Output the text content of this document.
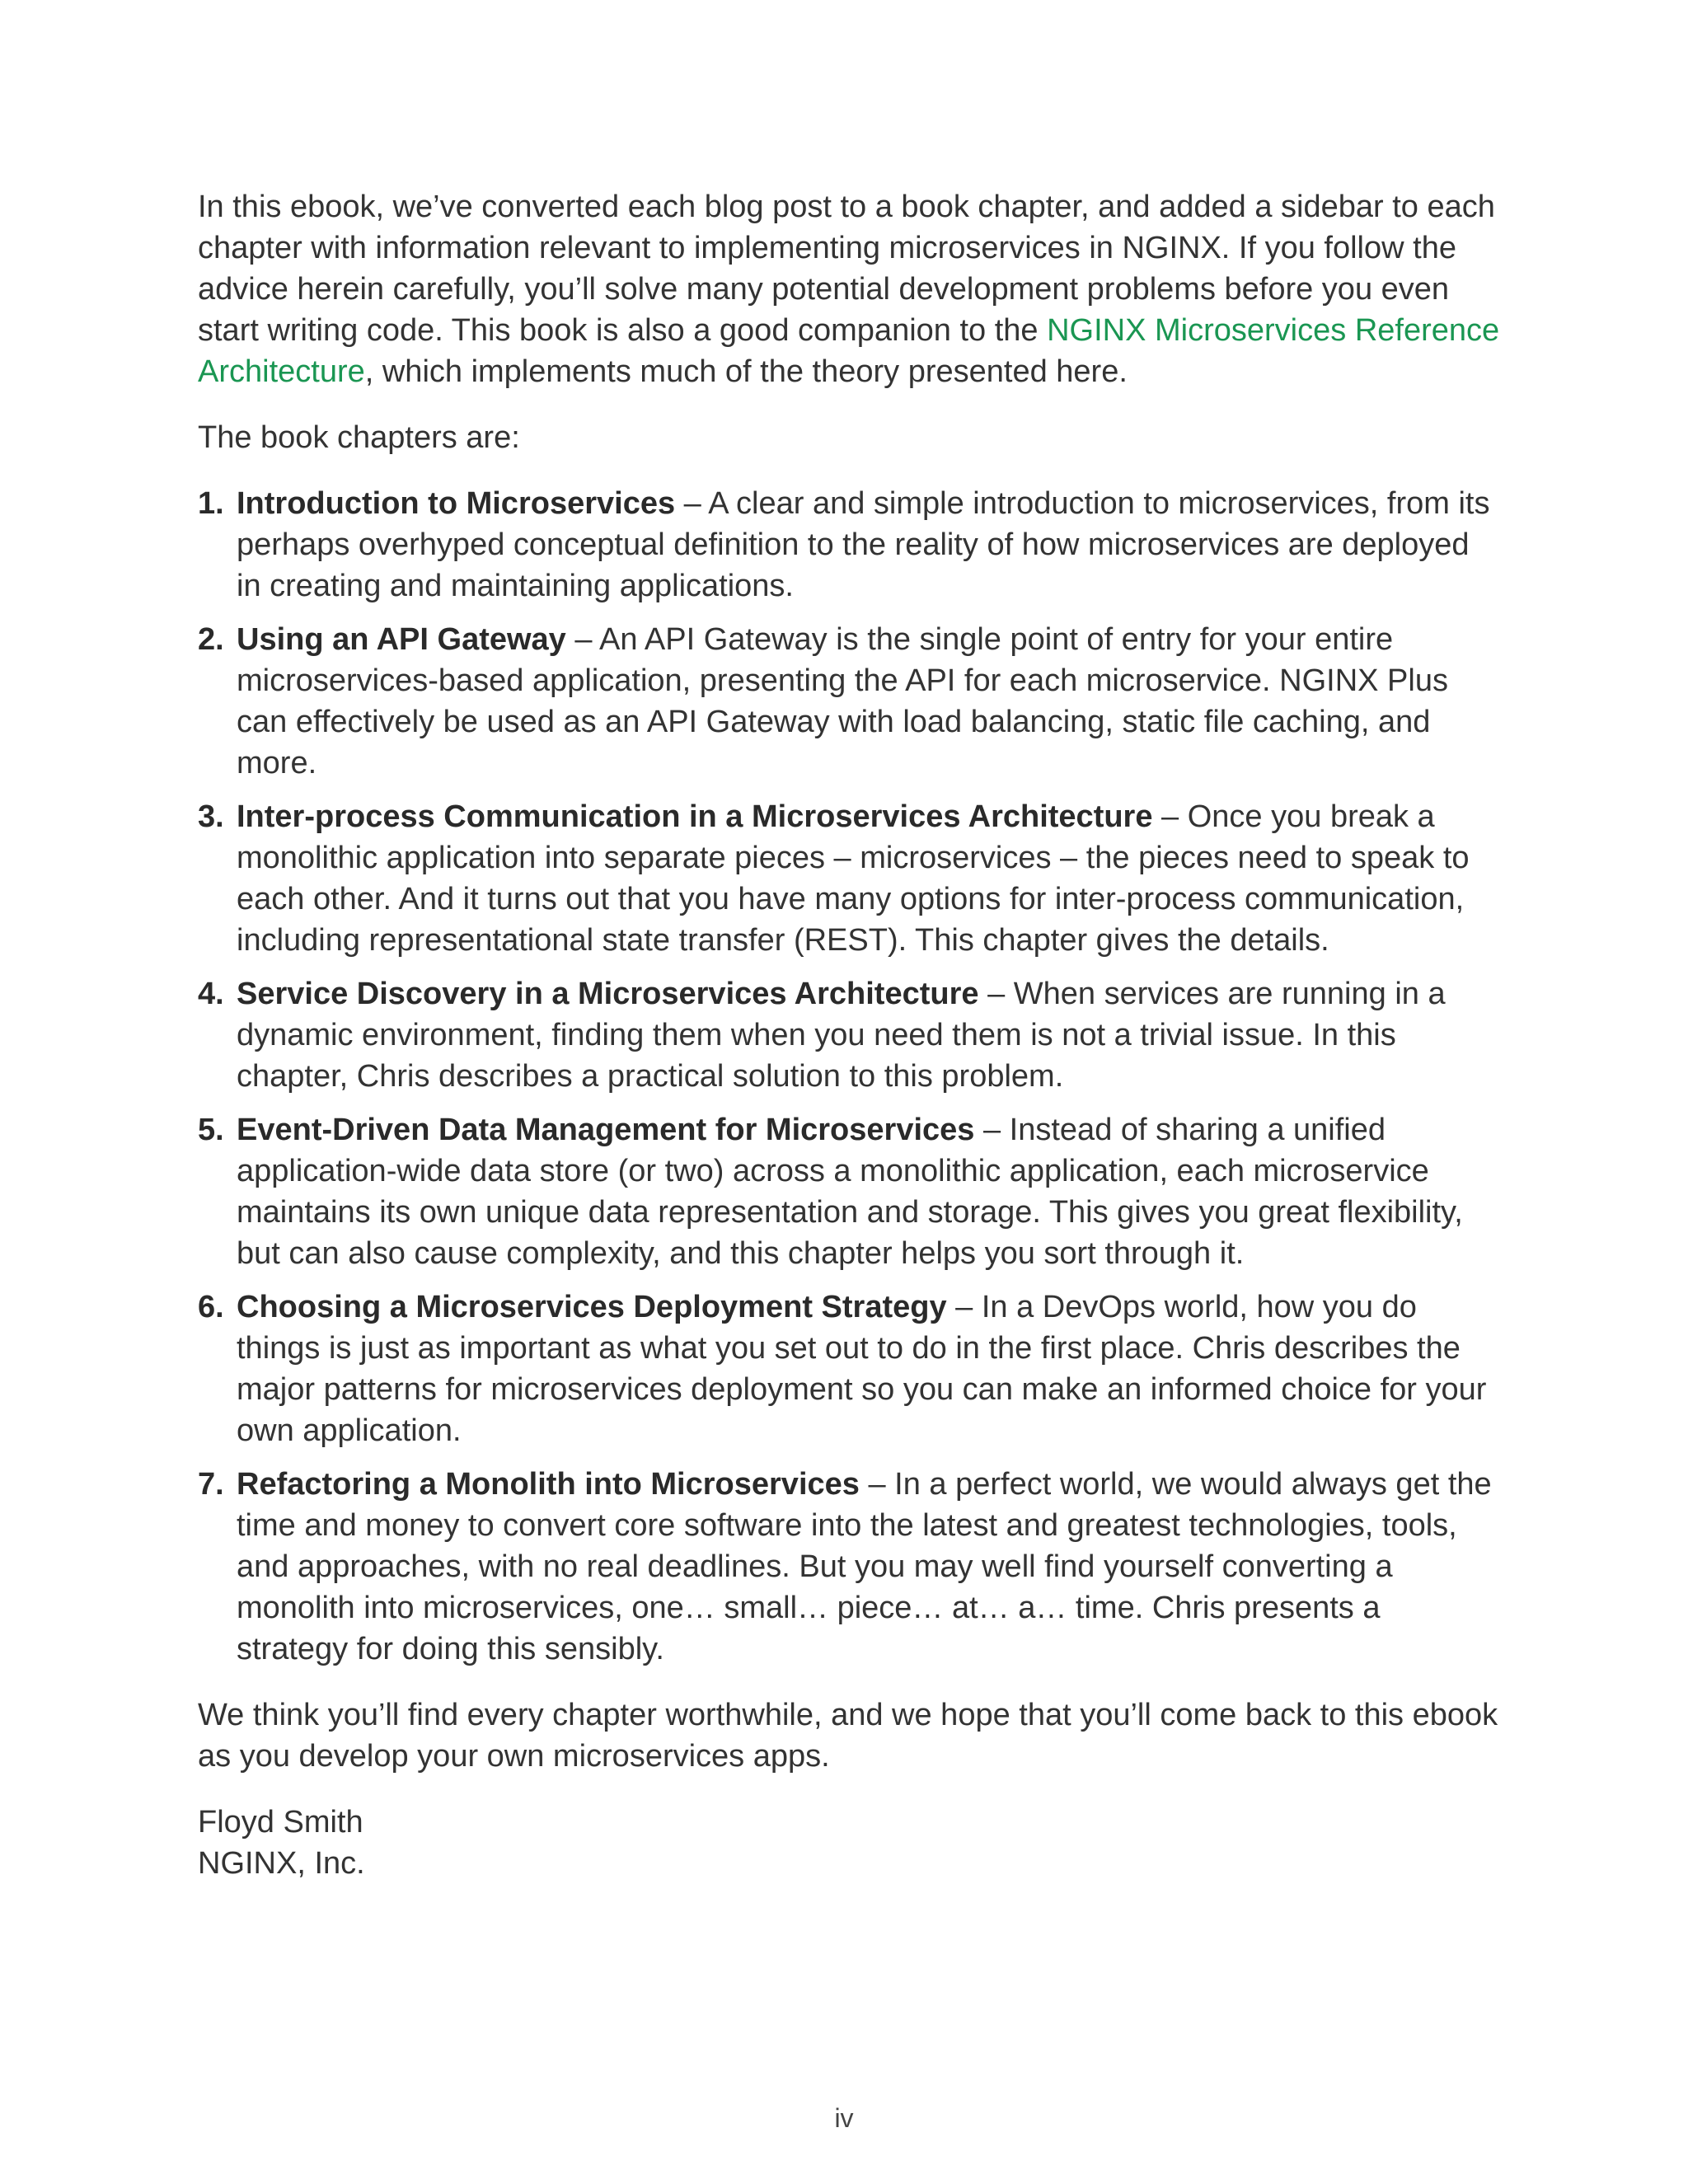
In this ebook, we’ve converted each blog post to a book chapter, and added a sidebar to each chapter with information relevant to implementing microservices in NGINX. If you follow the advice herein carefully, you’ll solve many potential development problems before you even start writing code. This book is also a good companion to the NGINX Microservices Reference Architecture, which implements much of the theory presented here.

The book chapters are:

1. Introduction to Microservices – A clear and simple introduction to microservices, from its perhaps overhyped conceptual definition to the reality of how microservices are deployed in creating and maintaining applications.
2. Using an API Gateway – An API Gateway is the single point of entry for your entire microservices-based application, presenting the API for each microservice. NGINX Plus can effectively be used as an API Gateway with load balancing, static file caching, and more.
3. Inter-process Communication in a Microservices Architecture – Once you break a monolithic application into separate pieces – microservices – the pieces need to speak to each other. And it turns out that you have many options for inter-process communication, including representational state transfer (REST). This chapter gives the details.
4. Service Discovery in a Microservices Architecture – When services are running in a dynamic environment, finding them when you need them is not a trivial issue. In this chapter, Chris describes a practical solution to this problem.
5. Event-Driven Data Management for Microservices – Instead of sharing a unified application-wide data store (or two) across a monolithic application, each microservice maintains its own unique data representation and storage. This gives you great flexibility, but can also cause complexity, and this chapter helps you sort through it.
6. Choosing a Microservices Deployment Strategy – In a DevOps world, how you do things is just as important as what you set out to do in the first place. Chris describes the major patterns for microservices deployment so you can make an informed choice for your own application.
7. Refactoring a Monolith into Microservices – In a perfect world, we would always get the time and money to convert core software into the latest and greatest technologies, tools, and approaches, with no real deadlines. But you may well find yourself converting a monolith into microservices, one… small… piece… at… a… time. Chris presents a strategy for doing this sensibly.

We think you’ll find every chapter worthwhile, and we hope that you’ll come back to this ebook as you develop your own microservices apps.

Floyd Smith
NGINX, Inc.

iv
